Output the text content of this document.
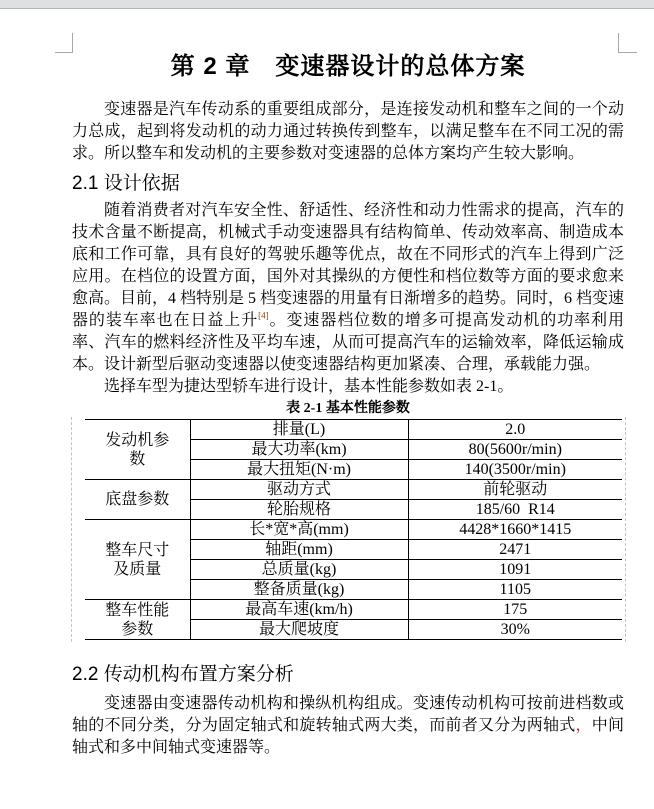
第 2 章　变速器设计的总体方案

变速器是汽车传动系的重要组成部分，是连接发动机和整车之间的一个动力总成，起到将发动机的动力通过转换传到整车，以满足整车在不同工况的需求。所以整车和发动机的主要参数对变速器的总体方案均产生较大影响。

2.1 设计依据

随着消费者对汽车安全性、舒适性、经济性和动力性需求的提高，汽车的技术含量不断提高，机械式手动变速器具有结构简单、传动效率高、制造成本底和工作可靠，具有良好的驾驶乐趣等优点，故在不同形式的汽车上得到广泛应用。在档位的设置方面，国外对其操纵的方便性和档位数等方面的要求愈来愈高。目前，4 档特别是 5 档变速器的用量有日渐增多的趋势。同时，6 档变速器的装车率也在日益上升[4]。变速器档位数的增多可提高发动机的功率利用率、汽车的燃料经济性及平均车速，从而可提高汽车的运输效率，降低运输成本。设计新型后驱动变速器以使变速器结构更加紧凑、合理，承载能力强。

选择车型为捷达型轿车进行设计，基本性能参数如表 2-1。

表 2-1 基本性能参数
发动机参数	排量(L)	2.0
	最大功率(km)	80(5600r/min)
	最大扭矩(N·m)	140(3500r/min)
底盘参数	驱动方式	前轮驱动
	轮胎规格	185/60  R14
整车尺寸及质量	长*宽*高(mm)	4428*1660*1415
	轴距(mm)	2471
	总质量(kg)	1091
	整备质量(kg)	1105
整车性能参数	最高车速(km/h)	175
	最大爬坡度	30%
2.2 传动机构布置方案分析

变速器由变速器传动机构和操纵机构组成。变速传动机构可按前进档数或轴的不同分类，分为固定轴式和旋转轴式两大类，而前者又分为两轴式，中间轴式和多中间轴式变速器等。
